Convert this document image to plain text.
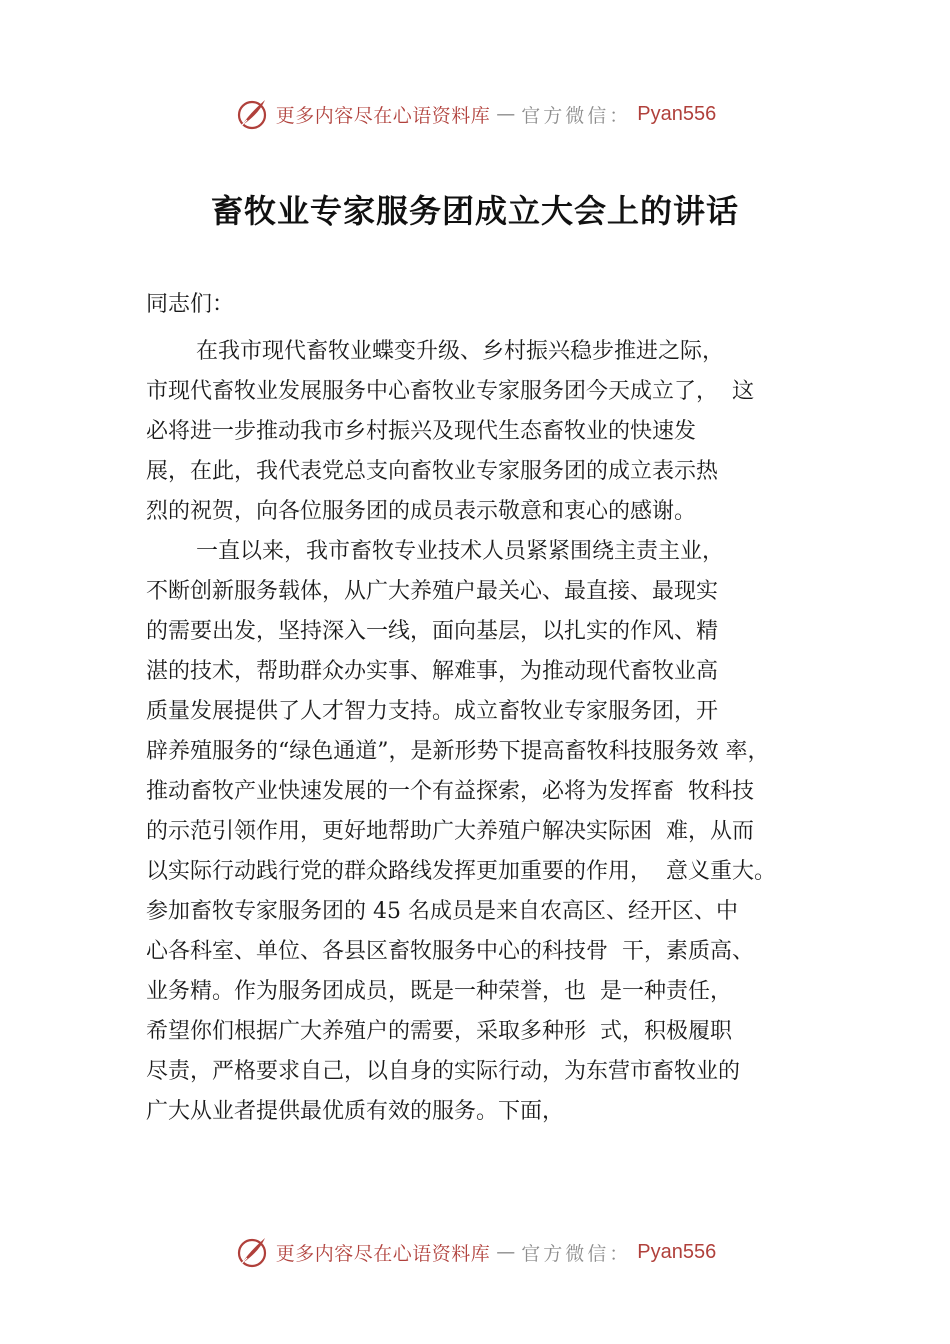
更多内容尽在心语资料库 — 官方微信： Pyan556
畜牧业专家服务团成立大会上的讲话
同志们：
在我市现代畜牧业蝶变升级、乡村振兴稳步推进之际，
市现代畜牧业发展服务中心畜牧业专家服务团今天成立了，  这
必将进一步推动我市乡村振兴及现代生态畜牧业的快速发
展，在此，我代表党总支向畜牧业专家服务团的成立表示热
烈的祝贺，向各位服务团的成员表示敬意和衷心的感谢。
一直以来，我市畜牧专业技术人员紧紧围绕主责主业，
不断创新服务载体，从广大养殖户最关心、最直接、最现实
的需要出发，坚持深入一线，面向基层，以扎实的作风、精
湛的技术，帮助群众办实事、解难事，为推动现代畜牧业高
质量发展提供了人才智力支持。成立畜牧业专家服务团，开
辟养殖服务的“绿色通道”，是新形势下提高畜牧科技服务效 率，
推动畜牧产业快速发展的一个有益探索，必将为发挥畜  牧科技
的示范引领作用，更好地帮助广大养殖户解决实际困  难，从而
以实际行动践行党的群众路线发挥更加重要的作用，  意义重大。
参加畜牧专家服务团的 45 名成员是来自农高区、经开区、中
心各科室、单位、各县区畜牧服务中心的科技骨  干，素质高、
业务精。作为服务团成员，既是一种荣誉，也  是一种责任，
希望你们根据广大养殖户的需要，采取多种形  式，积极履职
尽责，严格要求自己，以自身的实际行动，为东营市畜牧业的
广大从业者提供最优质有效的服务。下面，
更多内容尽在心语资料库 — 官方微信： Pyan556
